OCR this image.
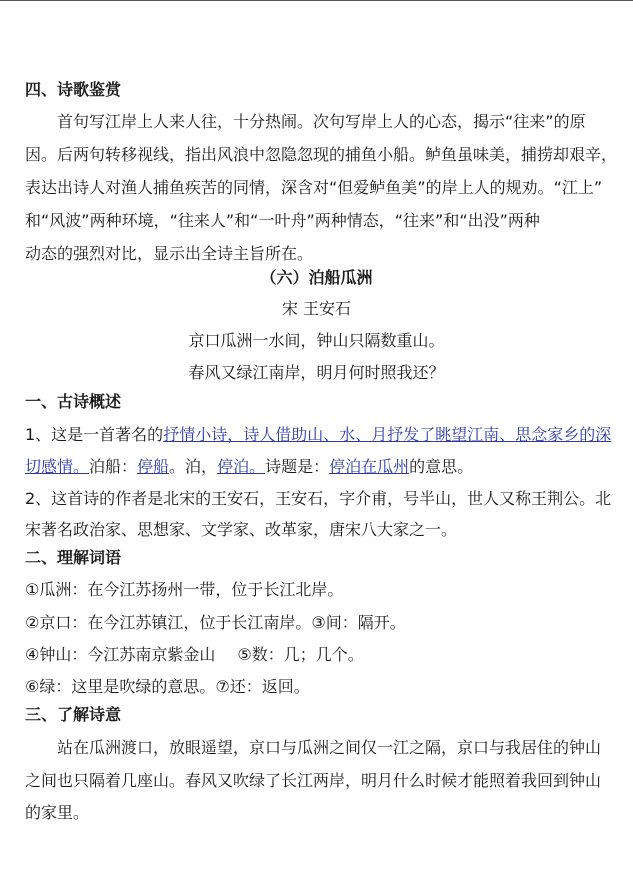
四、诗歌鉴赏
首句写江岸上人来人往，十分热闹。次句写岸上人的心态，揭示“往来”的原
因。后两句转移视线，指出风浪中忽隐忽现的捕鱼小船。鲈鱼虽味美，捕捞却艰辛，
表达出诗人对渔人捕鱼疾苦的同情，深含对“但爱鲈鱼美”的岸上人的规劝。“江上”
和“风波”两种环境，“往来人”和“一叶舟”两种情态，“往来”和“出没”两种
动态的强烈对比，显示出全诗主旨所在。
（六）泊船瓜洲
宋 王安石
京口瓜洲一水间，钟山只隔数重山。
春风又绿江南岸，明月何时照我还？
一、古诗概述
1、这是一首著名的抒情小诗，诗人借助山、水、月抒发了眺望江南、思念家乡的深
切感情。泊船：停船。泊，停泊。诗题是：停泊在瓜州的意思。
2、这首诗的作者是北宋的王安石，王安石，字介甫，号半山，世人又称王荆公。北
宋著名政治家、思想家、文学家、改革家，唐宋八大家之一。
二、理解词语
①瓜洲：在今江苏扬州一带，位于长江北岸。
②京口：在今江苏镇江，位于长江南岸。③间：隔开。
④钟山：今江苏南京紫金山 ⑤数：几；几个。
⑥绿：这里是吹绿的意思。⑦还：返回。
三、了解诗意
站在瓜洲渡口，放眼遥望，京口与瓜洲之间仅一江之隔，京口与我居住的钟山
之间也只隔着几座山。春风又吹绿了长江两岸，明月什么时候才能照着我回到钟山
的家里。
